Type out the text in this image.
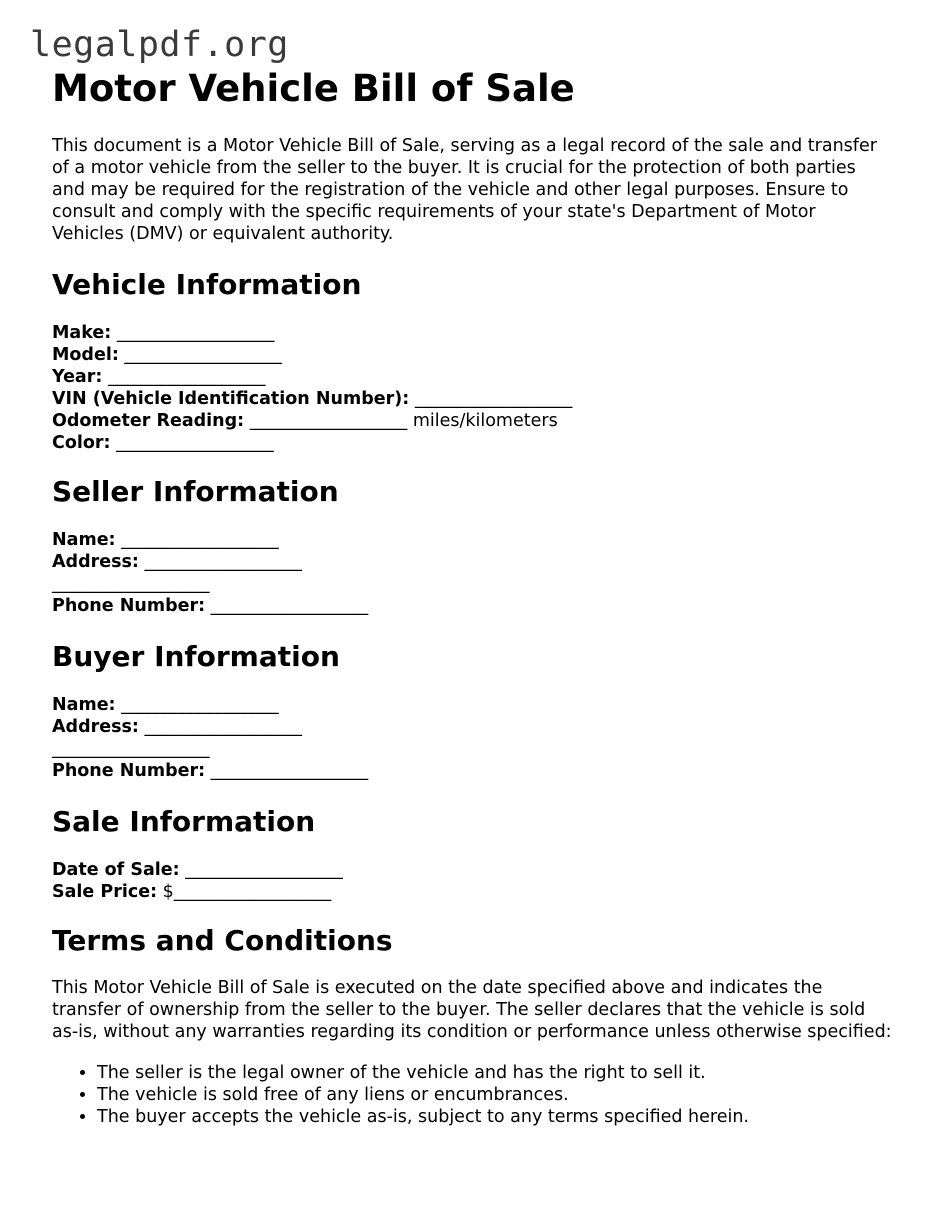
legalpdf.org
Motor Vehicle Bill of Sale

This document is a Motor Vehicle Bill of Sale, serving as a legal record of the sale and transfer of a motor vehicle from the seller to the buyer. It is crucial for the protection of both parties and may be required for the registration of the vehicle and other legal purposes. Ensure to consult and comply with the specific requirements of your state's Department of Motor Vehicles (DMV) or equivalent authority.

Vehicle Information
Make: __________________
Model: __________________
Year: __________________
VIN (Vehicle Identification Number): __________________
Odometer Reading: __________________ miles/kilometers
Color: __________________
Seller Information
Name: __________________
Address: __________________
__________________
Phone Number: __________________
Buyer Information
Name: __________________
Address: __________________
__________________
Phone Number: __________________
Sale Information
Date of Sale: __________________
Sale Price: $__________________
Terms and Conditions

This Motor Vehicle Bill of Sale is executed on the date specified above and indicates the transfer of ownership from the seller to the buyer. The seller declares that the vehicle is sold as-is, without any warranties regarding its condition or performance unless otherwise specified:

• The seller is the legal owner of the vehicle and has the right to sell it.
• The vehicle is sold free of any liens or encumbrances.
• The buyer accepts the vehicle as-is, subject to any terms specified herein.
